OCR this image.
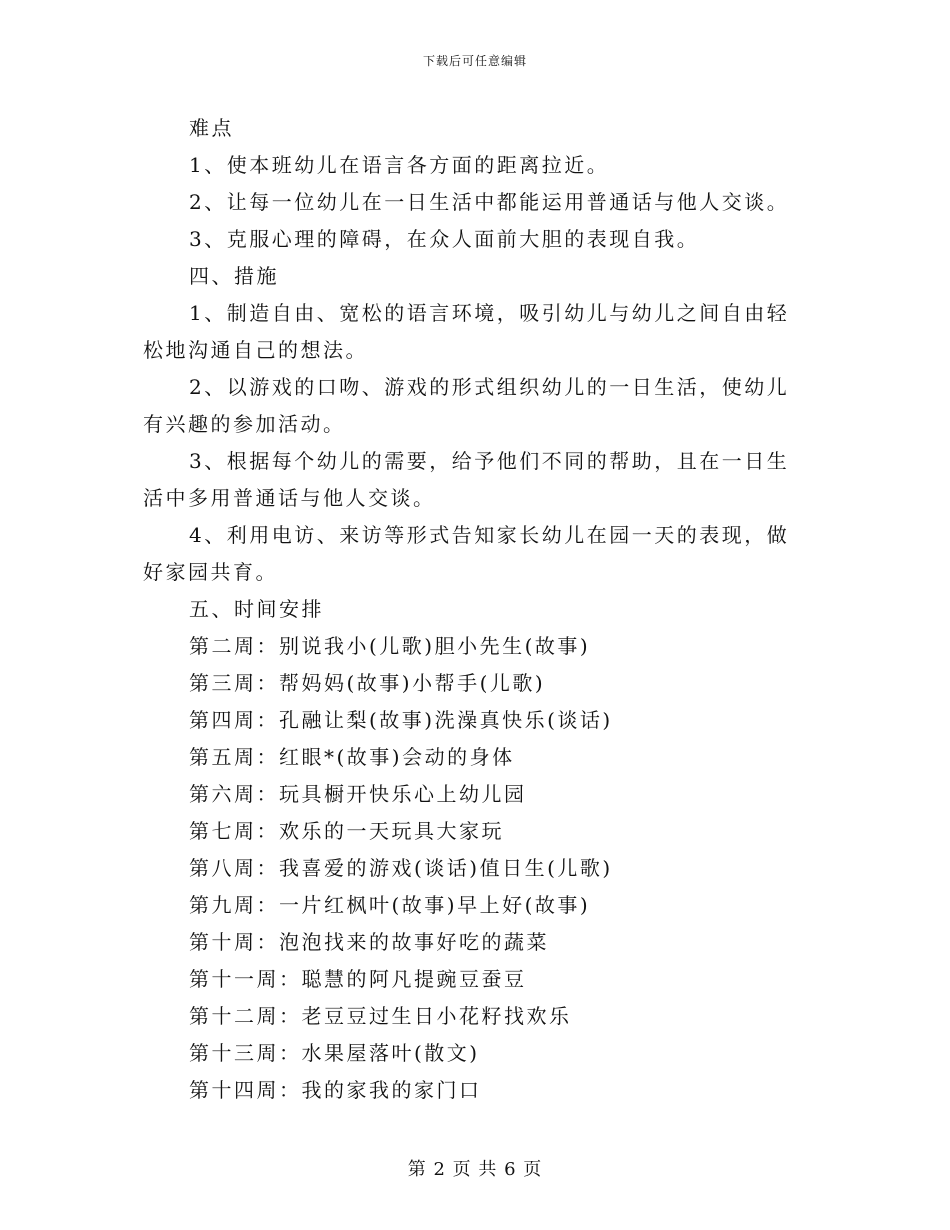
下载后可任意编辑

难点

1、使本班幼儿在语言各方面的距离拉近。

2、让每一位幼儿在一日生活中都能运用普通话与他人交谈。

3、克服心理的障碍，在众人面前大胆的表现自我。

四、措施

1、制造自由、宽松的语言环境，吸引幼儿与幼儿之间自由轻松地沟通自己的想法。

2、以游戏的口吻、游戏的形式组织幼儿的一日生活，使幼儿有兴趣的参加活动。

3、根据每个幼儿的需要，给予他们不同的帮助，且在一日生活中多用普通话与他人交谈。

4、利用电访、来访等形式告知家长幼儿在园一天的表现，做好家园共育。

五、时间安排

第二周：别说我小(儿歌)胆小先生(故事)

第三周：帮妈妈(故事)小帮手(儿歌)

第四周：孔融让梨(故事)洗澡真快乐(谈话)

第五周：红眼*(故事)会动的身体

第六周：玩具橱开快乐心上幼儿园

第七周：欢乐的一天玩具大家玩

第八周：我喜爱的游戏(谈话)值日生(儿歌)

第九周：一片红枫叶(故事)早上好(故事)

第十周：泡泡找来的故事好吃的蔬菜

第十一周：聪慧的阿凡提豌豆蚕豆

第十二周：老豆豆过生日小花籽找欢乐

第十三周：水果屋落叶(散文)

第十四周：我的家我的家门口

第 2 页 共 6 页
